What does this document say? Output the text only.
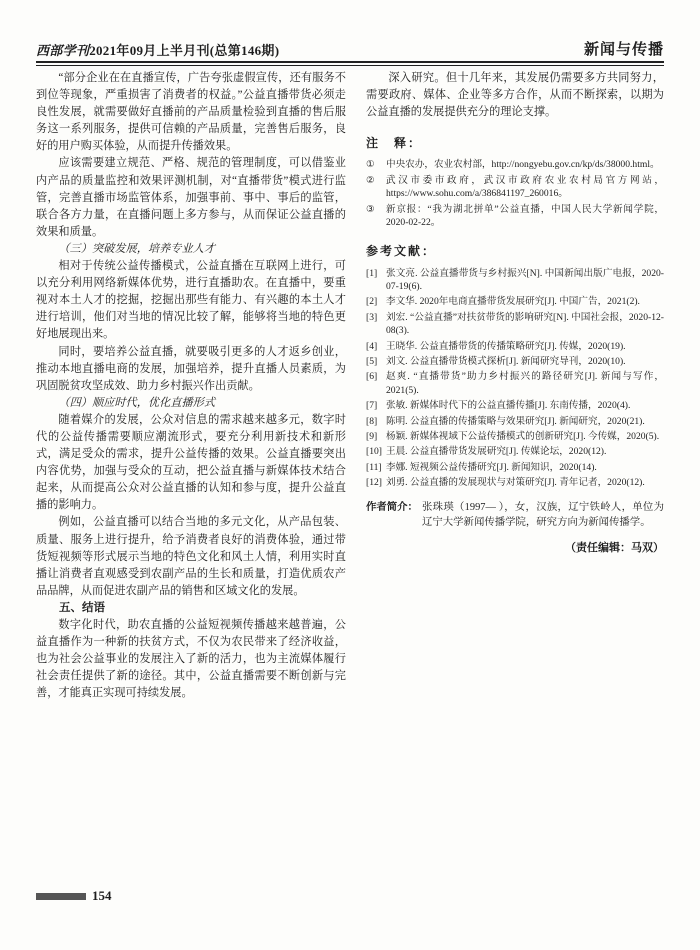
西部学刊2021年09月上半月刊(总第146期)	新闻与传播

“部分企业在在直播宣传，广告夸张虚假宣传，还有服务不到位等现象，严重损害了消费者的权益。”公益直播带货必须走良性发展，就需要做好直播前的产品质量检验到直播的售后服务这一系列服务，提供可信赖的产品质量，完善售后服务，良好的用户购买体验，从而提升传播效果。

应该需要建立规范、严格、规范的管理制度，可以借鉴业内产品的质量监控和效果评测机制，对“直播带货”模式进行监管，完善直播市场监管体系，加强事前、事中、事后的监管，联合各方力量，在直播问题上多方参与，从而保证公益直播的效果和质量。

（三）突破发展，培养专业人才

相对于传统公益传播模式，公益直播在互联网上进行，可以充分利用网络新媒体优势，进行直播助农。在直播中，要重视对本土人才的挖掘，挖掘出那些有能力、有兴趣的本土人才进行培训，他们对当地的情况比较了解，能够将当地的特色更好地展现出来。

同时，要培养公益直播，就要吸引更多的人才返乡创业，推动本地直播电商的发展，加强培养，提升直播人员素质，为巩固脱贫攻坚成效、助力乡村振兴作出贡献。

（四）顺应时代，优化直播形式

随着媒介的发展，公众对信息的需求越来越多元，数字时代的公益传播需要顺应潮流形式，要充分利用新技术和新形式，满足受众的需求，提升公益传播的效果。公益直播要突出内容优势，加强与受众的互动，把公益直播与新媒体技术结合起来，从而提高公众对公益直播的认知和参与度，提升公益直播的影响力。

例如，公益直播可以结合当地的多元文化，从产品包装、质量、服务上进行提升，给予消费者良好的消费体验，通过带货短视频等形式展示当地的特色文化和风土人情，利用实时直播让消费者直观感受到农副产品的生长和质量，打造优质农产品品牌，从而促进农副产品的销售和区域文化的发展。

五、结语

数字化时代，助农直播的公益短视频传播越来越普遍，公益直播作为一种新的扶贫方式，不仅为农民带来了经济收益，也为社会公益事业的发展注入了新的活力，也为主流媒体履行社会责任提供了新的途径。其中，公益直播需要不断创新与完善，才能真正实现可持续发展。

深入研究。但十几年来，其发展仍需要多方共同努力，需要政府、媒体、企业等多方合作，从而不断探索，以期为公益直播的发展提供充分的理论支撑。

注　释：
①	中央农办，农业农村部，http://nongyebu.gov.cn/kp/ds/38000.html。
②	武汉市委市政府，武汉市政府农业农村局官方网站，https://www.sohu.com/a/386841197_260016。
③	新京报：“我为湖北拼单”公益直播，中国人民大学新闻学院，2020-02-22。
参考文献：
[1] 张文亮. 公益直播带货与乡村振兴[N]. 中国新闻出版广电报，2020-07-19(6).
[2] 李文华. 2020年电商直播带货发展研究[J]. 中国广告，2021(2).
[3] 刘宏. “公益直播”对扶贫带货的影响研究[N]. 中国社会报，2020-12-08(3).
[4] 王晓华. 公益直播带货的传播策略研究[J]. 传媒，2020(19).
[5] 刘文. 公益直播带货模式探析[J]. 新闻研究导刊，2020(10).
[6] 赵爽. “直播带货”助力乡村振兴的路径研究[J]. 新闻与写作，2021(5).
[7] 张敏. 新媒体时代下的公益直播传播[J]. 东南传播，2020(4).
[8] 陈明. 公益直播的传播策略与效果研究[J]. 新闻研究，2020(21).
[9] 杨颖. 新媒体视域下公益传播模式的创新研究[J]. 今传媒，2020(5).
[10] 王晨. 公益直播带货发展研究[J]. 传媒论坛，2020(12).
[11] 李娜. 短视频公益传播研究[J]. 新闻知识，2020(14).
[12] 刘勇. 公益直播的发展现状与对策研究[J]. 青年记者，2020(12).
作者简介： 张珠瑛（1997— ），女，汉族，辽宁铁岭人，单位为辽宁大学新闻传播学院，研究方向为新闻传播学。
（责任编辑：马双）
154
